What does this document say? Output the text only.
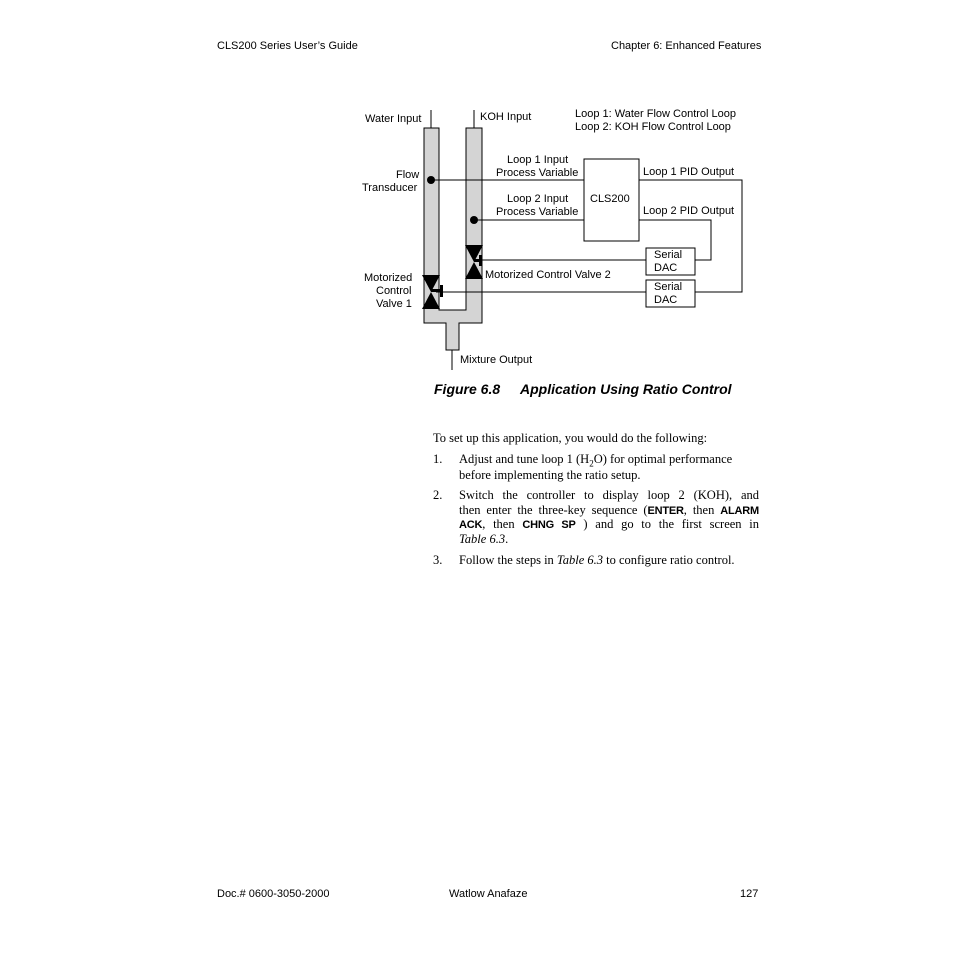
CLS200 Series User’s Guide	Chapter 6: Enhanced Features
Water Input	KOH Input	Loop 1: Water Flow Control Loop
Loop 2: KOH Flow Control Loop
Flow
Transducer
Loop 1 Input
Process Variable
Loop 2 Input
Process Variable
CLS200
Loop 1 PID Output
Loop 2 PID Output
Serial
DAC
Serial
DAC
Motorized Control Valve 2
Motorized
Control
Valve 1
Mixture Output
Figure 6.8 Application Using Ratio Control
To set up this application, you would do the following:
1. Adjust and tune loop 1 $(H_2O)$ for optimal performance
before implementing the ratio setup.
2. Switch the controller to display loop 2 (KOH), and
then enter the three-key sequence (ENTER, then ALARM
ACK, then CHNG SP ) and go to the first screen in
Table 6.3.
3. Follow the steps in Table 6.3 to configure ratio control.
Doc.# 0600-3050-2000	Watlow Anafaze	127
